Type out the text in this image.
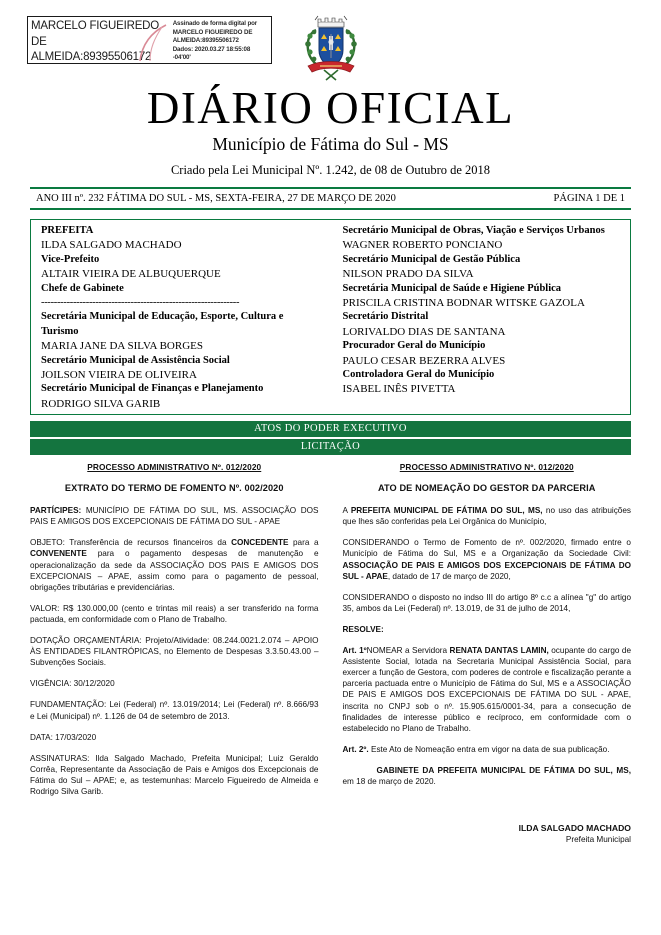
MARCELO FIGUEIREDO
DE
ALMEIDA:89395506172
Assinado de forma digital por
MARCELO FIGUEIREDO DE
ALMEIDA:89395506172
Dados: 2020.03.27 18:55:08 -04'00'
DIÁRIO OFICIAL
Município de Fátima do Sul - MS
Criado pela Lei Municipal Nº. 1.242, de 08 de Outubro de 2018
ANO III nº. 232 FÁTIMA DO SUL - MS, SEXTA-FEIRA, 27 DE MARÇO DE 2020	PÁGINA 1 DE 1
PREFEITA
ILDA SALGADO MACHADO
Vice-Prefeito
ALTAIR VIEIRA DE ALBUQUERQUE
Chefe de Gabinete
--------------------------------------------------------------
Secretária Municipal de Educação, Esporte, Cultura e Turismo
MARIA JANE DA SILVA BORGES
Secretário Municipal de Assistência Social
JOILSON VIEIRA DE OLIVEIRA
Secretário Municipal de Finanças e Planejamento
RODRIGO SILVA GARIB
Secretário Municipal de Obras, Viação e Serviços Urbanos
WAGNER ROBERTO PONCIANO
Secretário Municipal de Gestão Pública
NILSON PRADO DA SILVA
Secretária Municipal de Saúde e Higiene Pública
PRISCILA CRISTINA BODNAR WITSKE GAZOLA
Secretário Distrital
LORIVALDO DIAS DE SANTANA
Procurador Geral do Município
PAULO CESAR BEZERRA ALVES
Controladora Geral do Município
ISABEL INÊS PIVETTA
ATOS DO PODER EXECUTIVO
LICITAÇÃO
PROCESSO ADMINISTRATIVO Nº. 012/2020
EXTRATO DO TERMO DE FOMENTO Nº. 002/2020

PARTÍCIPES: MUNICÍPIO DE FÁTIMA DO SUL, MS. ASSOCIAÇÃO DOS PAIS E AMIGOS DOS EXCEPCIONAIS DE FÁTIMA DO SUL - APAE

OBJETO: Transferência de recursos financeiros da CONCEDENTE para a CONVENENTE para o pagamento despesas de manutenção e operacionalização da sede da ASSOCIAÇÃO DOS PAIS E AMIGOS DOS EXCEPCIONAIS – APAE, assim como para o pagamento de pessoal, obrigações tributárias e previdenciárias.

VALOR: R$ 130.000,00 (cento e trintas mil reais) a ser transferido na forma pactuada, em conformidade com o Plano de Trabalho.

DOTAÇÃO ORÇAMENTÁRIA: Projeto/Atividade: 08.244.0021.2.074 – APOIO ÀS ENTIDADES FILANTRÓPICAS, no Elemento de Despesas 3.3.50.43.00 – Subvenções Sociais.

VIGÊNCIA: 30/12/2020

FUNDAMENTAÇÃO: Lei (Federal) nº. 13.019/2014; Lei (Federal) nº. 8.666/93 e Lei (Municipal) nº. 1.126 de 04 de setembro de 2013.

DATA: 17/03/2020

ASSINATURAS: Ilda Salgado Machado, Prefeita Municipal; Luiz Geraldo Corrêa, Representante da Associação de Pais e Amigos dos Excepcionais de Fátima do Sul – APAE; e, as testemunhas: Marcelo Figueiredo de Almeida e Rodrigo Silva Garib.

PROCESSO ADMINISTRATIVO Nº. 012/2020
ATO DE NOMEAÇÃO DO GESTOR DA PARCERIA

A PREFEITA MUNICIPAL DE FÁTIMA DO SUL, MS, no uso das atribuições que lhes são conferidas pela Lei Orgânica do Município,

CONSIDERANDO o Termo de Fomento de nº. 002/2020, firmado entre o Município de Fátima do Sul, MS e a Organização da Sociedade Civil: ASSOCIAÇÃO DE PAIS E AMIGOS DOS EXCEPCIONAIS DE FÁTIMA DO SUL - APAE, datado de 17 de março de 2020,

CONSIDERANDO o disposto no indso III do artigo 8º c.c a alínea "g" do artigo 35, ambos da Lei (Federal) nº. 13.019, de 31 de julho de 2014,

RESOLVE:

Art. 1ºNOMEAR a Servidora RENATA DANTAS LAMIN, ocupante do cargo de Assistente Social, lotada na Secretaria Municipal Assistência Social, para exercer a função de Gestora, com poderes de controle e fiscalização perante a parceria pactuada entre o Município de Fátima do Sul, MS e a ASSOCIAÇÃO DE PAIS E AMIGOS DOS EXCEPCIONAIS DE FÁTIMA DO SUL - APAE, inscrita no CNPJ sob o nº. 15.905.615/0001-34, para a consecução de finalidades de interesse público e recíproco, em conformidade com o estabelecido no Plano de Trabalho.

Art. 2º. Este Ato de Nomeação entra em vigor na data de sua publicação.

GABINETE DA PREFEITA MUNICIPAL DE FÁTIMA DO SUL, MS, em 18 de março de 2020.

ILDA SALGADO MACHADO

Prefeita Municipal
